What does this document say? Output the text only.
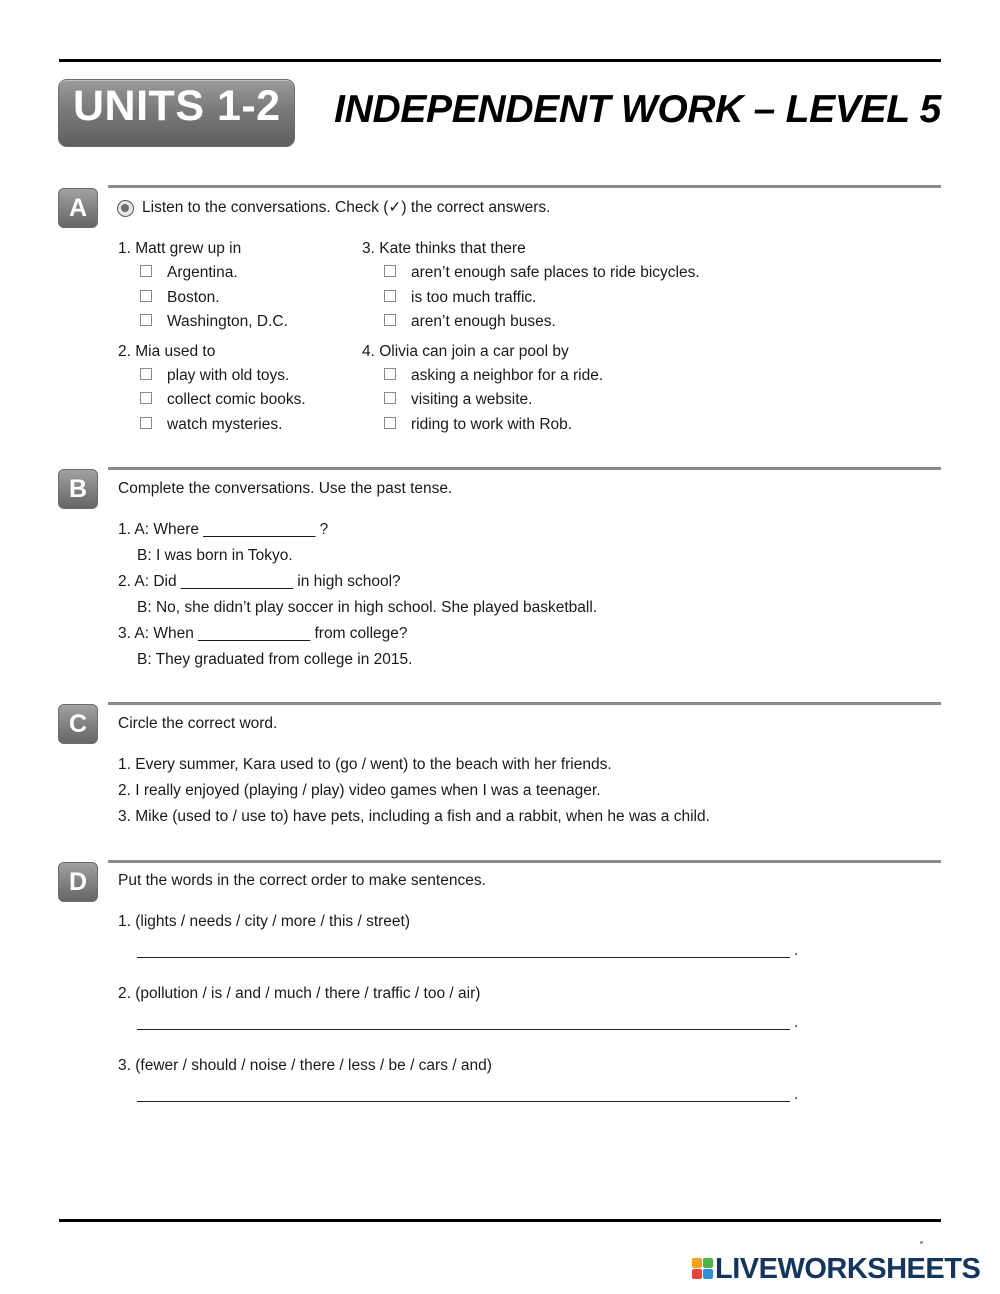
UNITS 1-2 INDEPENDENT WORK – LEVEL 5
A	Listen to the conversations. Check (✓) the correct answers.
1. Matt grew up in
Argentina.
Boston.
Washington, D.C.
2. Mia used to
play with old toys.
collect comic books.
watch mysteries.
3. Kate thinks that there
aren’t enough safe places to ride bicycles.
is too much traffic.
aren’t enough buses.
4. Olivia can join a car pool by
asking a neighbor for a ride.
visiting a website.
riding to work with Rob.
B	Complete the conversations. Use the past tense.
1. A: Where _____________ ?
B: I was born in Tokyo.
2. A: Did _____________ in high school?
B: No, she didn’t play soccer in high school. She played basketball.
3. A: When _____________ from college?
B: They graduated from college in 2015.
C	Circle the correct word.
1. Every summer, Kara used to (go / went) to the beach with her friends.
2. I really enjoyed (playing / play) video games when I was a teenager.
3. Mike (used to / use to) have pets, including a fish and a rabbit, when he was a child.
D	Put the words in the correct order to make sentences.
1. (lights / needs / city / more / this / street)
.
2. (pollution / is / and / much / there / traffic / too / air)
.
3. (fewer / should / noise / there / less / be / cars / and)
.
LIVEWORKSHEETS
